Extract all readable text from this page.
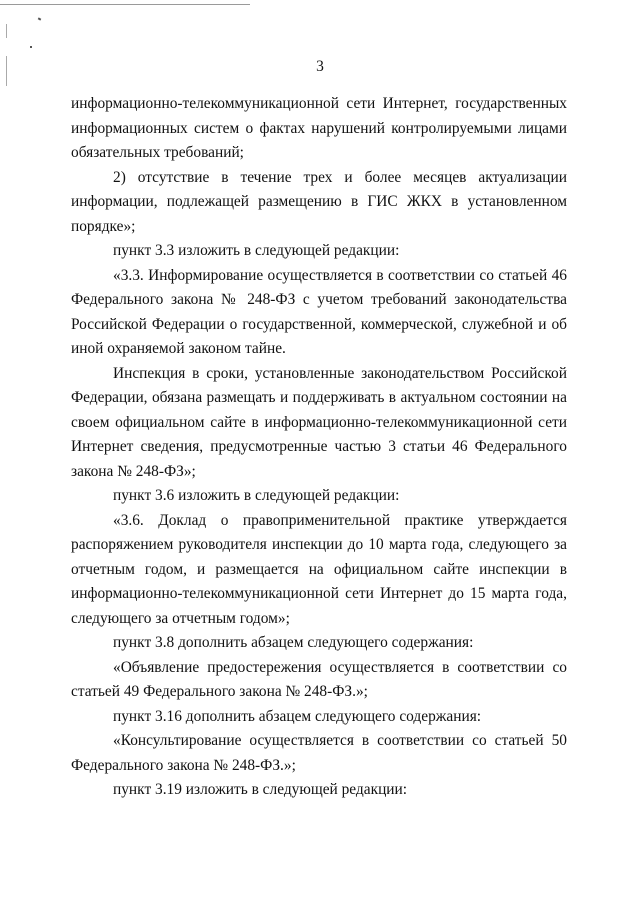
3

информационно-телекоммуникационной сети Интернет, государственных информационных систем о фактах нарушений контролируемыми лицами обязательных требований;

2) отсутствие в течение трех и более месяцев актуализации информации, подлежащей размещению в ГИС ЖКХ в установленном порядке»;

пункт 3.3 изложить в следующей редакции:

«3.3. Информирование осуществляется в соответствии со статьей 46 Федерального закона № 248-ФЗ с учетом требований законодательства Российской Федерации о государственной, коммерческой, служебной и об иной охраняемой законом тайне.

Инспекция в сроки, установленные законодательством Российской Федерации, обязана размещать и поддерживать в актуальном состоянии на своем официальном сайте в информационно-телекоммуникационной сети Интернет сведения, предусмотренные частью 3 статьи 46 Федерального закона № 248-ФЗ»;

пункт 3.6 изложить в следующей редакции:

«3.6. Доклад о правоприменительной практике утверждается распоряжением руководителя инспекции до 10 марта года, следующего за отчетным годом, и размещается на официальном сайте инспекции в информационно-телекоммуникационной сети Интернет до 15 марта года, следующего за отчетным годом»;

пункт 3.8 дополнить абзацем следующего содержания:

«Объявление предостережения осуществляется в соответствии со статьей 49 Федерального закона № 248-ФЗ.»;

пункт 3.16 дополнить абзацем следующего содержания:

«Консультирование осуществляется в соответствии со статьей 50 Федерального закона № 248-ФЗ.»;

пункт 3.19 изложить в следующей редакции:
